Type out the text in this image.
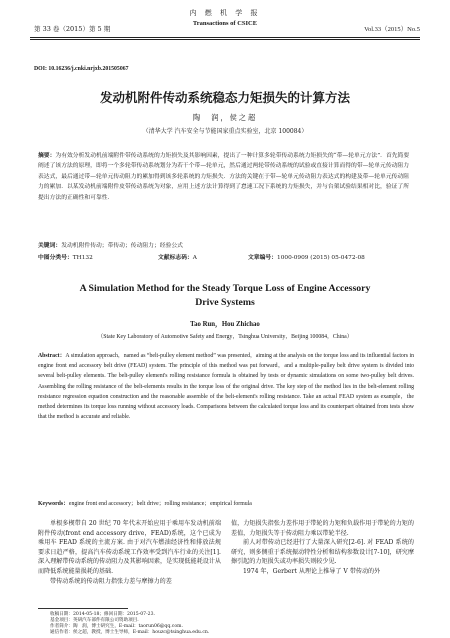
第 33 卷（2015）第 5 期
内 燃 机 学 报
Transactions of CSICE
Vol.33（2015）No.5
DOI: 10.16236/j.cnki.nrjxb.201505067
发动机附件传动系统稳态力矩损失的计算方法
陶　润，侯之超
（清华大学 汽车安全与节能国家重点实验室，北京 100084）
摘要：为有效分析发动机前端附件带传动系统的力矩损失及其影响因素，提出了一种计算多轮带传动系统力矩损失的“带—轮单元方法”．首先简要阐述了该方法的原理，即将一个多轮带传动系统划分为若干个带—轮单元，然后通过两轮带传动系统的试验或直接计算而得的带—轮单元传动阻力表达式，最后通过带—轮单元传动阻力的累加得到该多轮系统的力矩损失．方法的关键在于带—轮单元传动阻力表达式的构建及带—轮单元传动阻力的累加．以某发动机前端附件皮带传动系统为对象，应用上述方法计算得到了怠速工况下系统的力矩损失，并与台架试验结果相对比，验证了所提出方法的正确性和可靠性．
关键词：发动机附件传动；带传动；传动阻力；经验公式
中图分类号：TH132	文献标志码：A	文章编号：1000-0909 (2015) 05-0472-08
A Simulation Method for the Steady Torque Loss of Engine Accessory Drive Systems
Tao Run，Hou Zhichao
（State Key Laboratory of Automotive Safety and Energy，Tsinghua University，Beijing 100084，China）
Abstract：A simulation approach，named as “belt-pulley element method” was presented，aiming at the analysis on the torque loss and its influential factors in engine front end accessory belt drive (FEAD) system. The principle of this method was put forward，and a multiple-pulley belt drive system is divided into several belt-pulley elements. The belt-pulley element's rolling resistance formula is obtained by tests or dynamic simulations on some two-pulley belt drives. Assembling the rolling resistance of the belt-elements results in the torque loss of the original drive. The key step of the method lies in the belt-element rolling resistance regression equation construction and the reasonable assemble of the belt-element's rolling resistance. Take an actual FEAD system as example，the method determines its torque loss running without accessory loads. Comparisons between the calculated torque loss and its counterpart obtained from tests show that the method is accurate and reliable.
Keywords：engine front end accessory；belt drive；rolling resistance；empirical formula

单根多楔带自 20 世纪 70 年代末开始应用于乘用车发动机前端附件传动(front end accessory drive，FEAD)系统，这个已成为乘用车 FEAD 系统的主流方案. 由于对汽车燃油经济性和排放法规要求日趋严格，提高汽车传动系统工作效率受到汽车行业的关注[1]. 深入理解带传动系统的传动阻力及其影响因素，是实现低能耗设计从而降低系统能量损耗的基础.

带传动系统的传动阻力指张力差与摩擦力的差

值，力矩损失指张力差作用于带轮的力矩和负载作用于带轮的力矩的差值，力矩损失等于传动阻力乘以带轮半径.

前人对带传动已经进行了大量深入研究[2-6]. 对 FEAD 系统的研究，则多侧重于系统振动特性分析和结构参数设计[7-10]，研究摩擦引起的力矩损失或功率损失则较少见.

1974 年，Gerbert 从理论上推导了 V 带传动的外

收稿日期：2014-05-18；修回日期：2015-07-23.
基金项目：英研汽车部件有限公司资助项目.
作者简介：陶　润，博士研究生，E-mail：taorun06@qq.com.
通信作者：侯之超，教授，博士生导师，E-mail：houzc@tsinghua.edu.cn.
